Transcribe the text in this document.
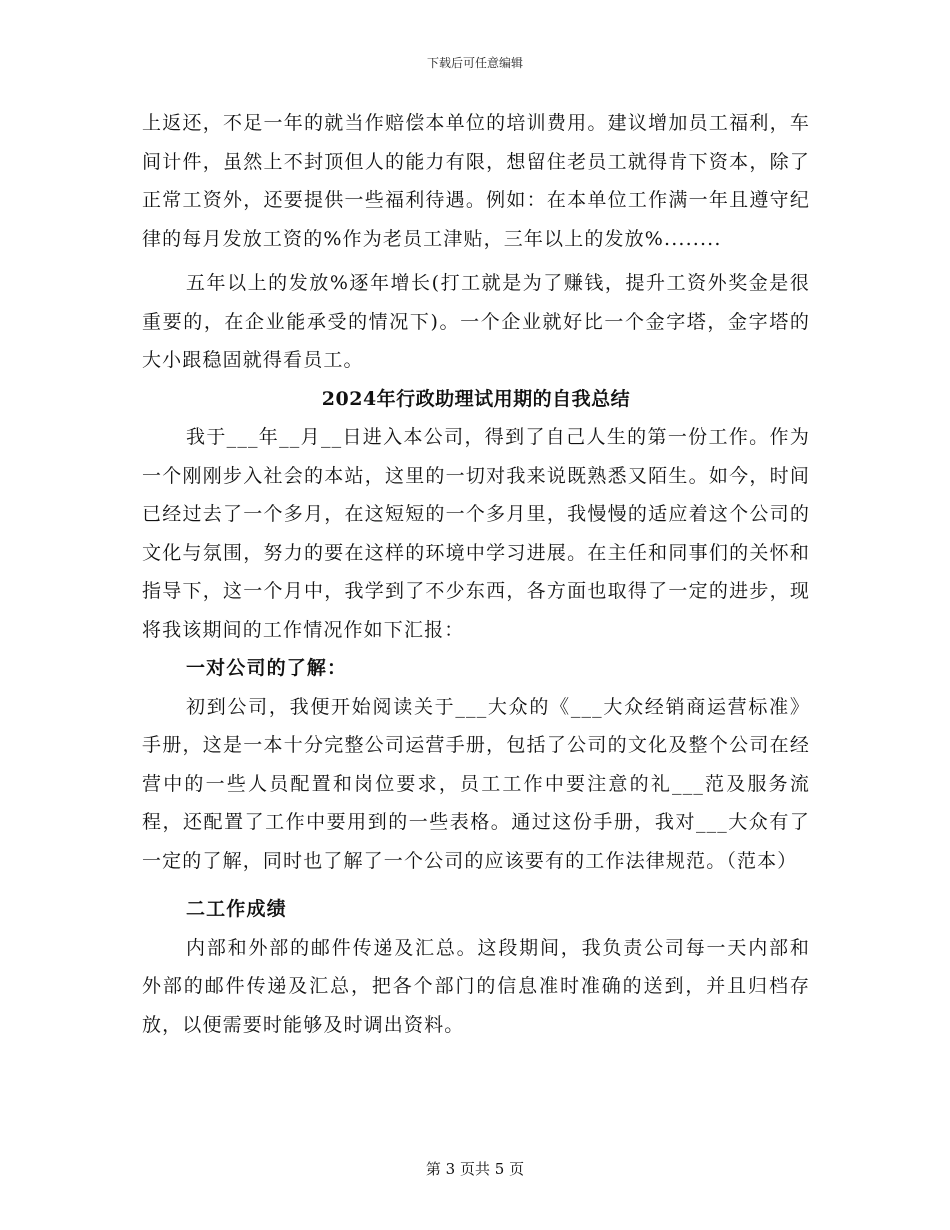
下载后可任意编辑

上返还，不足一年的就当作赔偿本单位的培训费用。建议增加员工福利，车间计件，虽然上不封顶但人的能力有限，想留住老员工就得肯下资本，除了正常工资外，还要提供一些福利待遇。例如：在本单位工作满一年且遵守纪律的每月发放工资的%作为老员工津贴，三年以上的发放%........

五年以上的发放%逐年增长(打工就是为了赚钱，提升工资外奖金是很重要的，在企业能承受的情况下)。一个企业就好比一个金字塔，金字塔的大小跟稳固就得看员工。

2024年行政助理试用期的自我总结

我于___年__月__日进入本公司，得到了自己人生的第一份工作。作为一个刚刚步入社会的本站，这里的一切对我来说既熟悉又陌生。如今，时间已经过去了一个多月，在这短短的一个多月里，我慢慢的适应着这个公司的文化与氛围，努力的要在这样的环境中学习进展。在主任和同事们的关怀和指导下，这一个月中，我学到了不少东西，各方面也取得了一定的进步，现将我该期间的工作情况作如下汇报：

一对公司的了解：

初到公司，我便开始阅读关于___大众的《___大众经销商运营标准》手册，这是一本十分完整公司运营手册，包括了公司的文化及整个公司在经营中的一些人员配置和岗位要求，员工工作中要注意的礼___范及服务流程，还配置了工作中要用到的一些表格。通过这份手册，我对___大众有了一定的了解，同时也了解了一个公司的应该要有的工作法律规范。（范本）

二工作成绩

内部和外部的邮件传递及汇总。这段期间，我负责公司每一天内部和外部的邮件传递及汇总，把各个部门的信息准时准确的送到，并且归档存放，以便需要时能够及时调出资料。

第 3 页共 5 页
